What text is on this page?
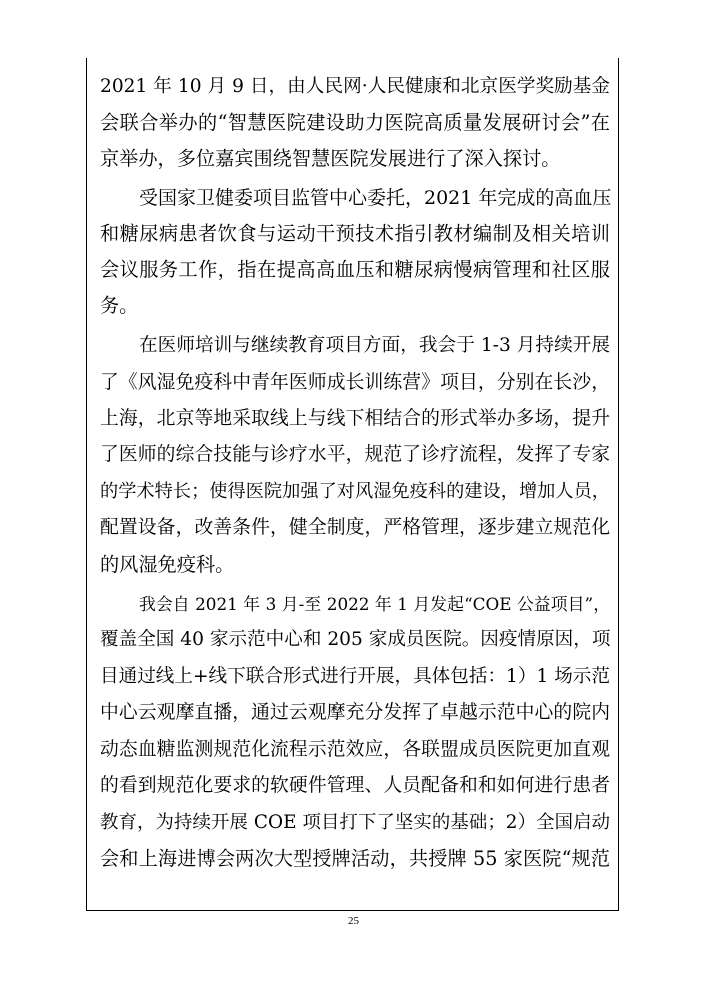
2021 年 10 月 9 日，由人民网·人民健康和北京医学奖励基金
会联合举办的“智慧医院建设助力医院高质量发展研讨会”在
京举办，多位嘉宾围绕智慧医院发展进行了深入探讨。
受国家卫健委项目监管中心委托，2021 年完成的高血压
和糖尿病患者饮食与运动干预技术指引教材编制及相关培训
会议服务工作，指在提高高血压和糖尿病慢病管理和社区服
务。
在医师培训与继续教育项目方面，我会于 1-3 月持续开展
了《风湿免疫科中青年医师成长训练营》项目，分别在长沙，
上海，北京等地采取线上与线下相结合的形式举办多场，提升
了医师的综合技能与诊疗水平，规范了诊疗流程，发挥了专家
的学术特长；使得医院加强了对风湿免疫科的建设，增加人员，
配置设备，改善条件，健全制度，严格管理，逐步建立规范化
的风湿免疫科。
我会自 2021 年 3 月-至 2022 年 1 月发起“COE 公益项目”，
覆盖全国 40 家示范中心和 205 家成员医院。因疫情原因，项
目通过线上+线下联合形式进行开展，具体包括：1）1 场示范
中心云观摩直播，通过云观摩充分发挥了卓越示范中心的院内
动态血糖监测规范化流程示范效应，各联盟成员医院更加直观
的看到规范化要求的软硬件管理、人员配备和和如何进行患者
教育，为持续开展 COE 项目打下了坚实的基础；2）全国启动
会和上海进博会两次大型授牌活动，共授牌 55 家医院“规范
25
